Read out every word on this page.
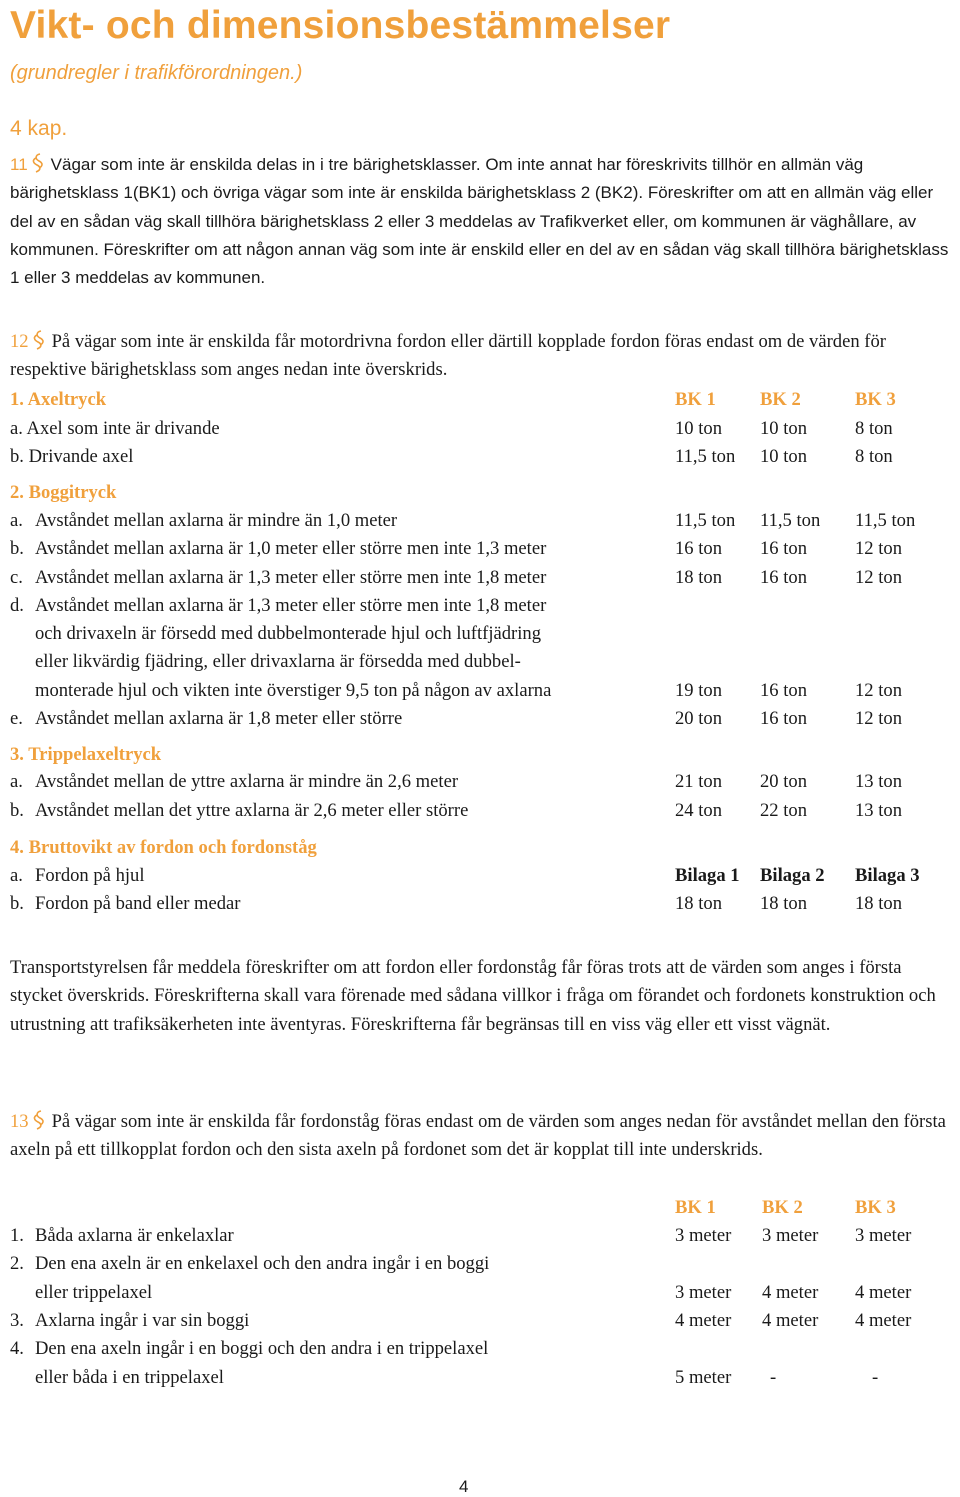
Vikt- och dimensionsbestämmelser
(grundregler i trafikförordningen.)
4 kap.

11 Vägar som inte är enskilda delas in i tre bärighetsklasser. Om inte annat har föreskrivits tillhör en allmän väg bärighetsklass 1(BK1) och övriga vägar som inte är enskilda bärighetsklass 2 (BK2). Föreskrifter om att en allmän väg eller del av en sådan väg skall tillhöra bärighetsklass 2 eller 3 meddelas av Trafikverket eller, om kommunen är väghållare, av kommunen. Föreskrifter om att någon annan väg som inte är enskild eller en del av en sådan väg skall tillhöra bärighetsklass 1 eller 3 meddelas av kommunen.

12 På vägar som inte är enskilda får motordrivna fordon eller därtill kopplade fordon föras endast om de värden för respektive bärighetsklass som anges nedan inte överskrids.

1. Axeltryck	BK 1 BK 2	BK 3
a. Axel som inte är drivande	10 ton 10 ton	8 ton
b. Drivande axel	11,5 ton 10 ton	8 ton
2. Boggitryck
a. Avståndet mellan axlarna är mindre än 1,0 meter	11,5 ton 11,5 ton 11,5 ton
b. Avståndet mellan axlarna är 1,0 meter eller större men inte 1,3 meter	16 ton 16 ton	12 ton
c. Avståndet mellan axlarna är 1,3 meter eller större men inte 1,8 meter	18 ton 16 ton	12 ton
d. Avståndet mellan axlarna är 1,3 meter eller större men inte 1,8 meter
och drivaxeln är försedd med dubbelmonterade hjul och luftfjädring
eller likvärdig fjädring, eller drivaxlarna är försedda med dubbel-
monterade hjul och vikten inte överstiger 9,5 ton på någon av axlarna	19 ton 16 ton	12 ton
e. Avståndet mellan axlarna är 1,8 meter eller större	20 ton 16 ton	12 ton
3. Trippelaxeltryck
a. Avståndet mellan de yttre axlarna är mindre än 2,6 meter	21 ton 20 ton	13 ton
b. Avståndet mellan det yttre axlarna är 2,6 meter eller större	24 ton 22 ton	13 ton
4. Bruttovikt av fordon och fordonståg
a. Fordon på hjul	Bilaga 1 Bilaga 2 Bilaga 3
b. Fordon på band eller medar	18 ton 18 ton	18 ton

Transportstyrelsen får meddela föreskrifter om att fordon eller fordonståg får föras trots att de värden som anges i första stycket överskrids. Föreskrifterna skall vara förenade med sådana villkor i fråga om förandet och fordonets konstruktion och utrustning att trafiksäkerheten inte äventyras. Föreskrifterna får begränsas till en viss väg eller ett visst vägnät.

13 På vägar som inte är enskilda får fordonståg föras endast om de värden som anges nedan för avståndet mellan den första axeln på ett tillkopplat fordon och den sista axeln på fordonet som det är kopplat till inte underskrids.

BK 1 BK 2	BK 3
1. Båda axlarna är enkelaxlar	3 meter 3 meter 3 meter
2. Den ena axeln är en enkelaxel och den andra ingår i en boggi
eller trippelaxel	3 meter 4 meter 4 meter
3. Axlarna ingår i var sin boggi	4 meter 4 meter 4 meter
4. Den ena axeln ingår i en boggi och den andra i en trippelaxel
eller båda i en trippelaxel	5 meter -	-
4
